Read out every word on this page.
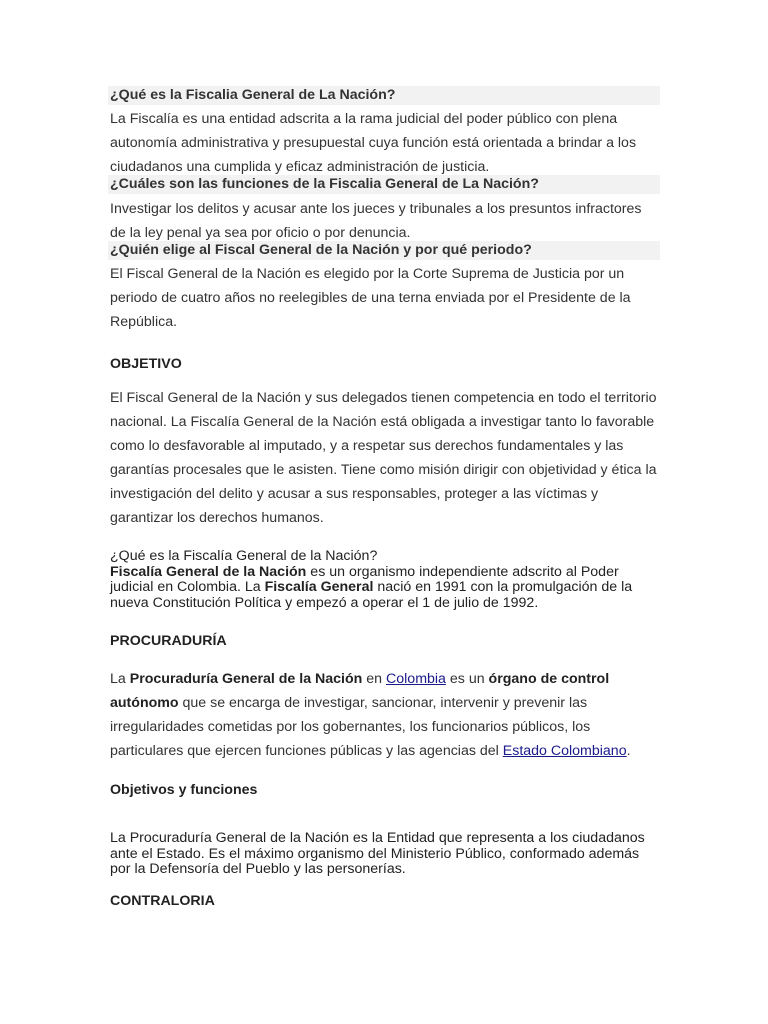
¿Qué es la Fiscalia General de La Nación?

La Fiscalía es una entidad adscrita a la rama judicial del poder público con plena autonomía administrativa y presupuestal cuya función está orientada a brindar a los ciudadanos una cumplida y eficaz administración de justicia.

¿Cuáles son las funciones de la Fiscalia General de La Nación?

Investigar los delitos y acusar ante los jueces y tribunales a los presuntos infractores de la ley penal ya sea por oficio o por denuncia.

¿Quién elige al Fiscal General de la Nación y por qué periodo?

El Fiscal General de la Nación es elegido por la Corte Suprema de Justicia por un periodo de cuatro años no reelegibles de una terna enviada por el Presidente de la República.

OBJETIVO

El Fiscal General de la Nación y sus delegados tienen competencia en todo el territorio nacional. La Fiscalía General de la Nación está obligada a investigar tanto lo favorable como lo desfavorable al imputado, y a respetar sus derechos fundamentales y las garantías procesales que le asisten. Tiene como misión dirigir con objetividad y ética la investigación del delito y acusar a sus responsables, proteger a las víctimas y garantizar los derechos humanos.

¿Qué es la Fiscalía General de la Nación?
Fiscalía General de la Nación es un organismo independiente adscrito al Poder judicial en Colombia. La Fiscalía General nació en 1991 con la promulgación de la nueva Constitución Política y empezó a operar el 1 de julio de 1992.
PROCURADURÍA

La Procuraduría General de la Nación en Colombia es un órgano de control autónomo que se encarga de investigar, sancionar, intervenir y prevenir las irregularidades cometidas por los gobernantes, los funcionarios públicos, los particulares que ejercen funciones públicas y las agencias del Estado Colombiano.

Objetivos y funciones

La Procuraduría General de la Nación es la Entidad que representa a los ciudadanos ante el Estado. Es el máximo organismo del Ministerio Público, conformado además por la Defensoría del Pueblo y las personerías.

CONTRALORIA
